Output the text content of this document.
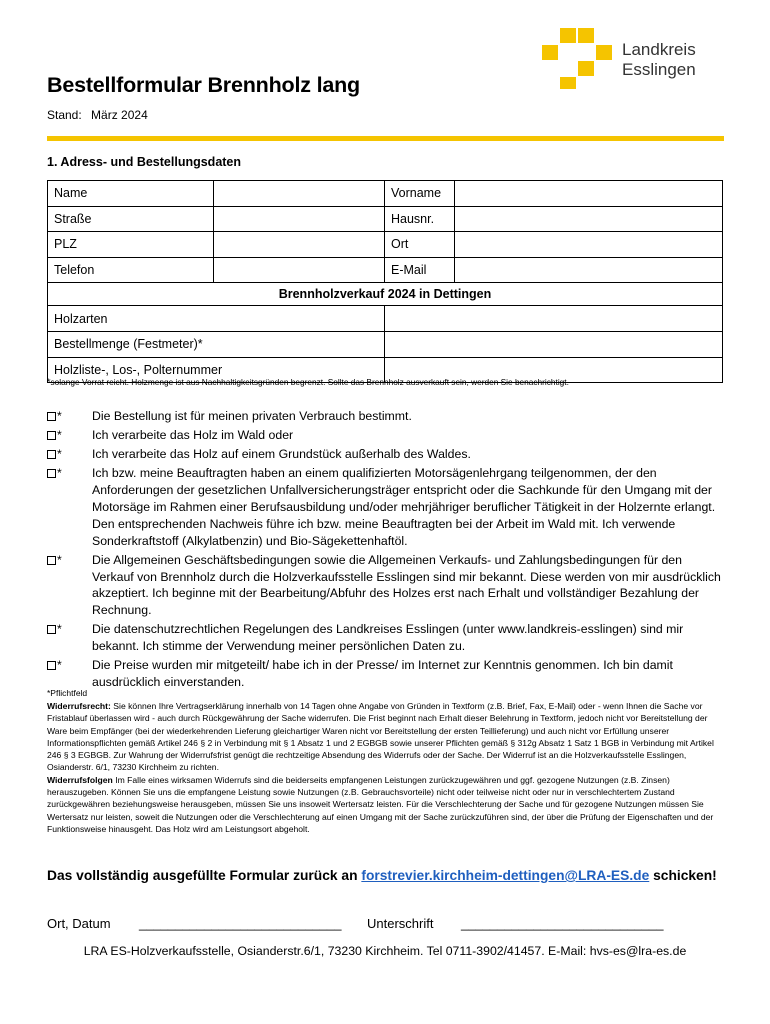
Landkreis
Esslingen
Bestellformular Brennholz lang
Stand: März 2024
1. Adress- und Bestellungsdaten
Name		Vorname	
Straße		Hausnr.	
PLZ		Ort	
Telefon		E-Mail	
Brennholzverkauf 2024 in Dettingen			
Holzarten			
Bestellmenge (Festmeter)*			
Holzliste-, Los-, Polternummer			
*solange Vorrat reicht. Holzmenge ist aus Nachhaltigkeitsgründen begrenzt. Sollte das Brennholz ausverkauft sein, werden Sie benachrichtigt.
*	Die Bestellung ist für meinen privaten Verbrauch bestimmt.
*	Ich verarbeite das Holz im Wald oder
*	Ich verarbeite das Holz auf einem Grundstück außerhalb des Waldes.
*	Ich bzw. meine Beauftragten haben an einem qualifizierten Motorsägenlehrgang teilgenommen, der den Anforderungen der gesetzlichen Unfallversicherungsträger entspricht oder die Sachkunde für den Umgang mit der Motorsäge im Rahmen einer Berufsausbildung und/oder mehrjähriger beruflicher Tätigkeit in der Holzernte erlangt. Den entsprechenden Nachweis führe ich bzw. meine Beauftragten bei der Arbeit im Wald mit. Ich verwende Sonderkraftstoff (Alkylatbenzin) und Bio-Sägekettenhaftöl.
*	Die Allgemeinen Geschäftsbedingungen sowie die Allgemeinen Verkaufs- und Zahlungsbedingungen für den Verkauf von Brennholz durch die Holzverkaufsstelle Esslingen sind mir bekannt. Diese werden von mir ausdrücklich akzeptiert. Ich beginne mit der Bearbeitung/Abfuhr des Holzes erst nach Erhalt und vollständiger Bezahlung der Rechnung.
*	Die datenschutzrechtlichen Regelungen des Landkreises Esslingen (unter www.landkreis-esslingen) sind mir bekannt. Ich stimme der Verwendung meiner persönlichen Daten zu.
*	Die Preise wurden mir mitgeteilt/ habe ich in der Presse/ im Internet zur Kenntnis genommen. Ich bin damit ausdrücklich einverstanden.
*Pflichtfeld
Widerrufsrecht: Sie können Ihre Vertragserklärung innerhalb von 14 Tagen ohne Angabe von Gründen in Textform (z.B. Brief, Fax, E-Mail) oder - wenn Ihnen die Sache vor Fristablauf überlassen wird - auch durch Rückgewährung der Sache widerrufen. Die Frist beginnt nach Erhalt dieser Belehrung in Textform, jedoch nicht vor Bereitstellung der Ware beim Empfänger (bei der wiederkehrenden Lieferung gleichartiger Waren nicht vor Bereitstellung der ersten Teillieferung) und auch nicht vor Erfüllung unserer Informationspflichten gemäß Artikel 246 § 2 in Verbindung mit § 1 Absatz 1 und 2 EGBGB sowie unserer Pflichten gemäß § 312g Absatz 1 Satz 1 BGB in Verbindung mit Artikel 246 § 3 EGBGB. Zur Wahrung der Widerrufsfrist genügt die rechtzeitige Absendung des Widerrufs oder der Sache. Der Widerruf ist an die Holzverkaufsstelle Esslingen, Osianderstr. 6/1, 73230 Kirchheim zu richten.
Widerrufsfolgen Im Falle eines wirksamen Widerrufs sind die beiderseits empfangenen Leistungen zurückzugewähren und ggf. gezogene Nutzungen (z.B. Zinsen) herauszugeben. Können Sie uns die empfangene Leistung sowie Nutzungen (z.B. Gebrauchsvorteile) nicht oder teilweise nicht oder nur in verschlechtertem Zustand zurückgewähren beziehungsweise herausgeben, müssen Sie uns insoweit Wertersatz leisten. Für die Verschlechterung der Sache und für gezogene Nutzungen müssen Sie Wertersatz nur leisten, soweit die Nutzungen oder die Verschlechterung auf einen Umgang mit der Sache zurückzuführen sind, der über die Prüfung der Eigenschaften und der Funktionsweise hinausgeht. Das Holz wird am Leistungsort abgeholt.
Das vollständig ausgefüllte Formular zurück an forstrevier.kirchheim-dettingen@LRA-ES.de schicken!
Ort, Datum ____________________________ Unterschrift ____________________________
LRA ES-Holzverkaufsstelle, Osianderstr.6/1, 73230 Kirchheim. Tel 0711-3902/41457. E-Mail: hvs-es@lra-es.de
